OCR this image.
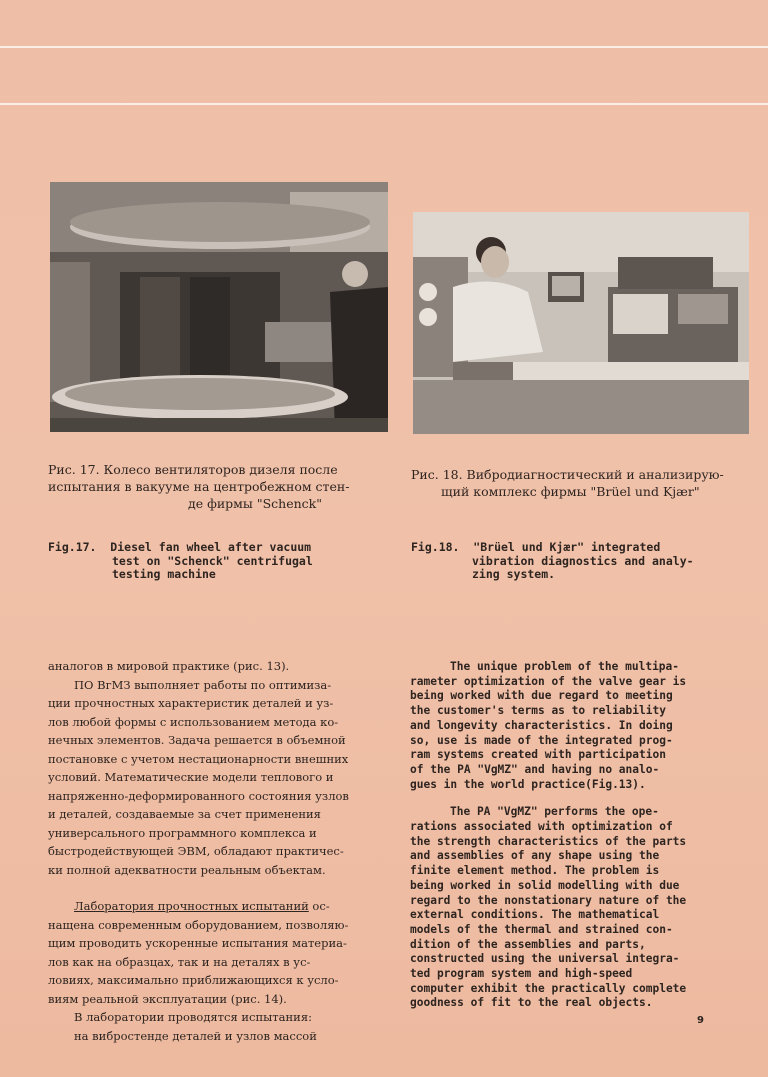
Рис. 17. Колесо вентиляторов дизеля после
испытания в вакууме на центробежном стен-
де фирмы "Schenck"
Fig.17.  Diesel fan wheel after vacuum
test on "Schenck" centrifugal
testing machine
Рис. 18. Вибродиагностический и анализирую-
щий комплекс фирмы "Brüel und Kjær"
Fig.18.  "Brüel und Kjær" integrated
vibration diagnostics and analy-
zing system.
аналогов в мировой практике (рис. 13).
ПО ВгМЗ выполняет работы по оптимиза-
ции прочностных характеристик деталей и уз-
лов любой формы с использованием метода ко-
нечных элементов. Задача решается в объемной
постановке с учетом нестационарности внешних
условий. Математические модели теплового и
напряженно-деформированного состояния узлов
и деталей, создаваемые за счет применения
универсального программного комплекса и
быстродействующей ЭВМ, обладают практичес-
ки полной адекватности реальным объектам.
Лаборатория прочностных испытаний ос-
нащена современным оборудованием, позволяю-
щим проводить ускоренные испытания материа-
лов как на образцах, так и на деталях в ус-
ловиях, максимально приближающихся к усло-
виям реальной эксплуатации (рис. 14).
В лаборатории проводятся испытания:
на вибростенде деталей и узлов массой
The unique problem of the multipa-
rameter optimization of the valve gear is
being worked with due regard to meeting
the customer's terms as to reliability
and longevity characteristics. In doing
so, use is made of the integrated prog-
ram systems created with participation
of the PA "VgMZ" and having no analo-
gues in the world practice(Fig.13).
The PA "VgMZ" performs the ope-
rations associated with optimization of
the strength characteristics of the parts
and assemblies of any shape using the
finite element method. The problem is
being worked in solid modelling with due
regard to the nonstationary nature of the
external conditions. The mathematical
models of the thermal and strained con-
dition of the assemblies and parts,
constructed using the universal integra-
ted program system and high-speed
computer exhibit the practically complete
goodness of fit to the real objects.
9
